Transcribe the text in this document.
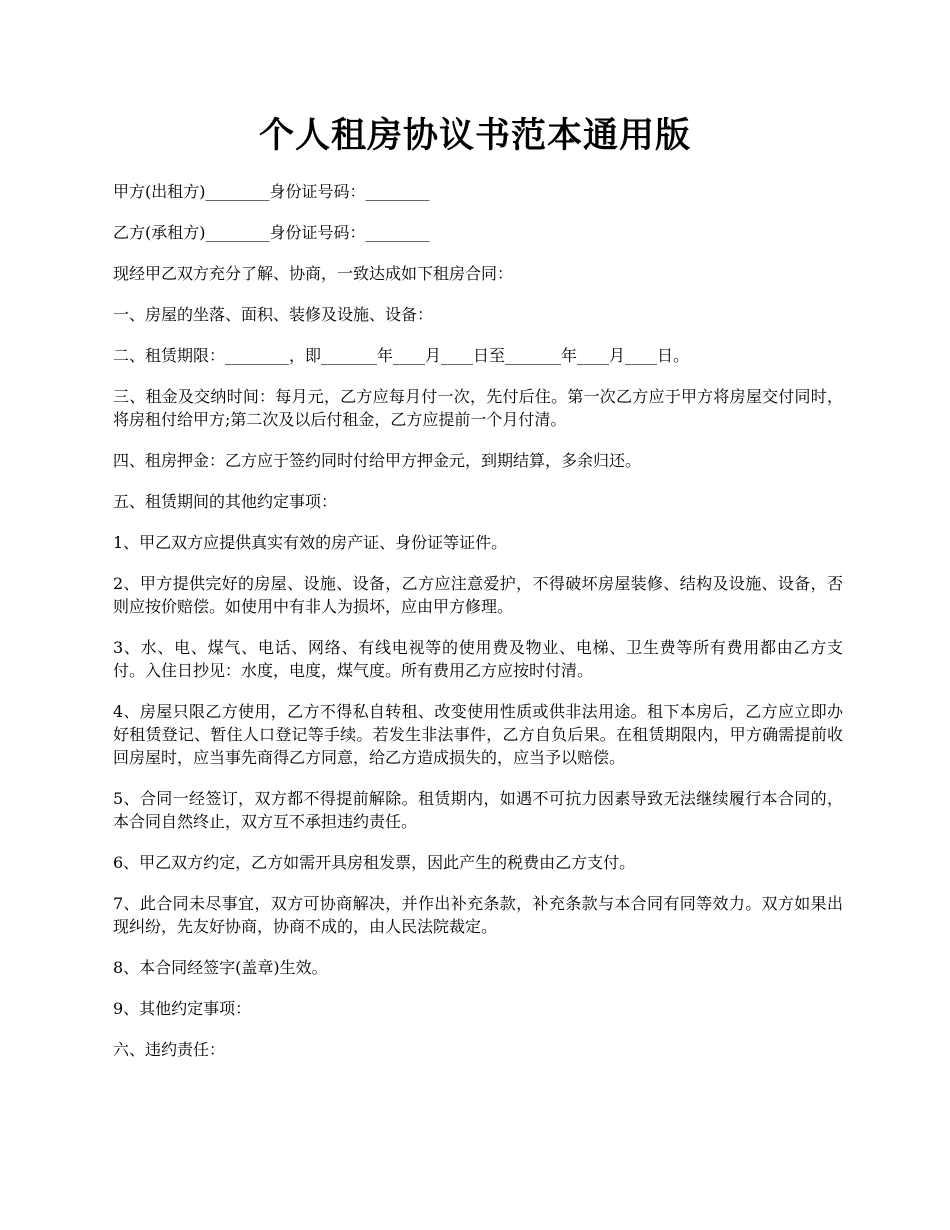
个人租房协议书范本通用版

甲方(出租方)________身份证号码：________

乙方(承租方)________身份证号码：________

现经甲乙双方充分了解、协商，一致达成如下租房合同：

一、房屋的坐落、面积、装修及设施、设备：

二、租赁期限：________，即_______年____月____日至_______年____月____日。

三、租金及交纳时间：每月元，乙方应每月付一次，先付后住。第一次乙方应于甲方将房屋交付同时，将房租付给甲方;第二次及以后付租金，乙方应提前一个月付清。

四、租房押金：乙方应于签约同时付给甲方押金元，到期结算，多余归还。

五、租赁期间的其他约定事项：

1、甲乙双方应提供真实有效的房产证、身份证等证件。

2、甲方提供完好的房屋、设施、设备，乙方应注意爱护，不得破坏房屋装修、结构及设施、设备，否则应按价赔偿。如使用中有非人为损坏，应由甲方修理。

3、水、电、煤气、电话、网络、有线电视等的使用费及物业、电梯、卫生费等所有费用都由乙方支付。入住日抄见：水度，电度，煤气度。所有费用乙方应按时付清。

4、房屋只限乙方使用，乙方不得私自转租、改变使用性质或供非法用途。租下本房后，乙方应立即办好租赁登记、暂住人口登记等手续。若发生非法事件，乙方自负后果。在租赁期限内，甲方确需提前收回房屋时，应当事先商得乙方同意，给乙方造成损失的，应当予以赔偿。

5、合同一经签订，双方都不得提前解除。租赁期内，如遇不可抗力因素导致无法继续履行本合同的，本合同自然终止，双方互不承担违约责任。

6、甲乙双方约定，乙方如需开具房租发票，因此产生的税费由乙方支付。

7、此合同未尽事宜，双方可协商解决，并作出补充条款，补充条款与本合同有同等效力。双方如果出现纠纷，先友好协商，协商不成的，由人民法院裁定。

8、本合同经签字(盖章)生效。

9、其他约定事项：

六、违约责任：
